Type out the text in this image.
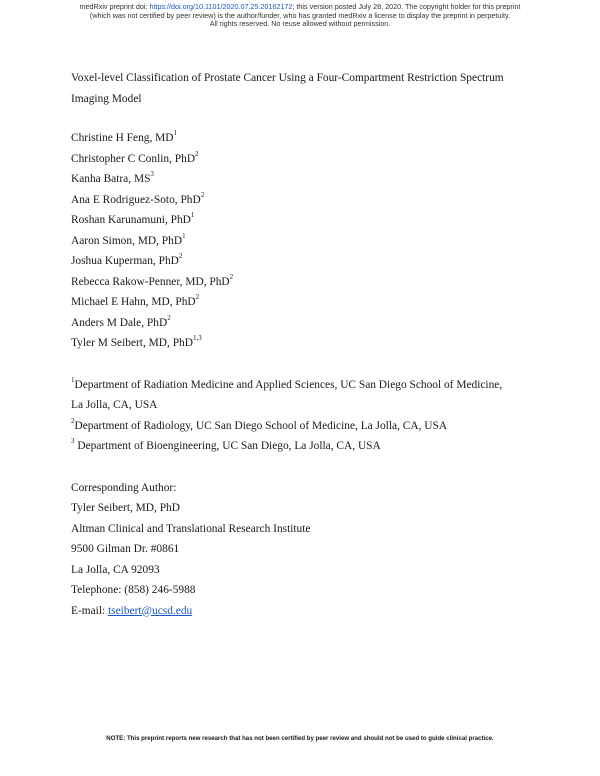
medRxiv preprint doi: https://doi.org/10.1101/2020.07.25.20162172; this version posted July 28, 2020. The copyright holder for this preprint
(which was not certified by peer review) is the author/funder, who has granted medRxiv a license to display the preprint in perpetuity.
All rights reserved. No reuse allowed without permission.
Voxel-level Classification of Prostate Cancer Using a Four-Compartment Restriction Spectrum
Imaging Model
Christine H Feng, $MD^1$
Christopher C Conlin, PhD$^2$
Kanha Batra, $MS^3$
Ana E Rodriguez-Soto, PhD$^2$
Roshan Karunamuni, PhD$^1$
Aaron Simon, MD, PhD$^1$
Joshua Kuperman, PhD$^2$
Rebecca Rakow-Penner, MD, PhD$^2$
Michael E Hahn, MD, PhD$^2$
Anders M Dale, PhD$^2$
Tyler M Seibert, MD, PhD$^{1,3}$
$^1$Department of Radiation Medicine and Applied Sciences, UC San Diego School of Medicine,
La Jolla, CA, USA
$^2$Department of Radiology, UC San Diego School of Medicine, La Jolla, CA, USA
$^3$ Department of Bioengineering, UC San Diego, La Jolla, CA, USA
Corresponding Author:
Tyler Seibert, MD, PhD
Altman Clinical and Translational Research Institute
9500 Gilman Dr. #0861
La Jolla, CA 92093
Telephone: (858) 246-5988
E-mail: tseibert@ucsd.edu
NOTE: This preprint reports new research that has not been certified by peer review and should not be used to guide clinical practice.
